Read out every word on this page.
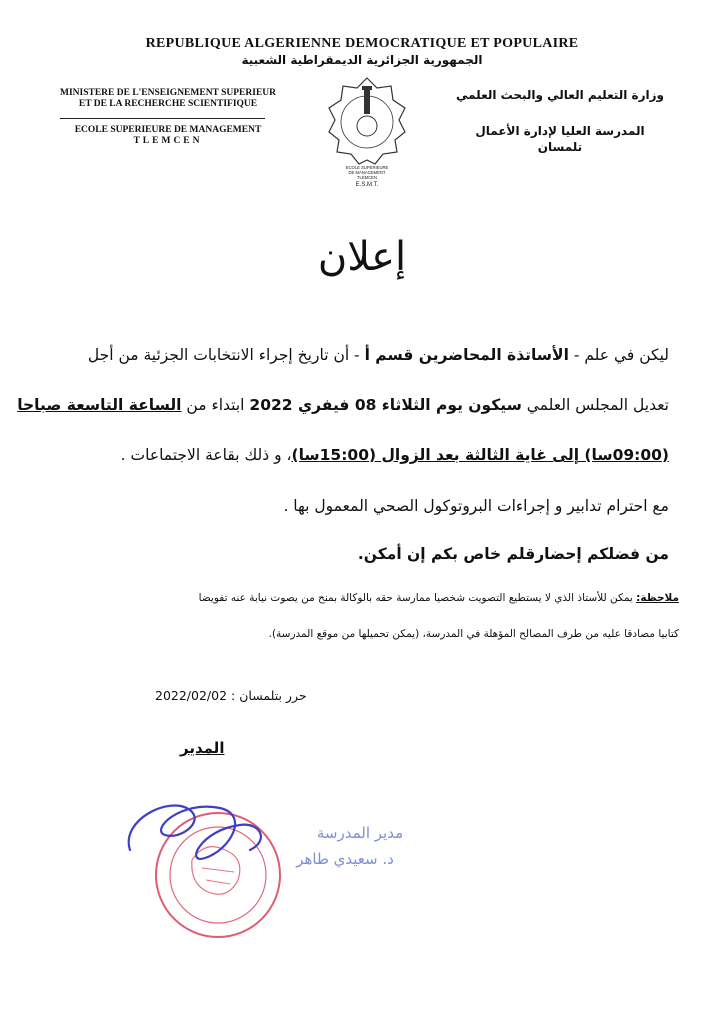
REPUBLIQUE ALGERIENNE DEMOCRATIQUE ET POPULAIRE
الجمهورية الجزائرية الديمقراطية الشعبية
MINISTERE DE L'ENSEIGNEMENT SUPERIEUR
ET DE LA RECHERCHE SCIENTIFIQUE
ECOLE SUPERIEURE DE MANAGEMENT
TLEMCEN
وزارة التعليم العالي والبحث العلمي
المدرسة العليا لإدارة الأعمال
تلمسان
ECOLE SUPERIEURE
DE MANAGEMENT
TLEMCEN
E.S.M.T.
إعلان
ليكن في علم - الأساتذة المحاضرين قسم أ - أن تاريخ إجراء الانتخابات الجزئية من أجل
تعديل المجلس العلمي سيكون يوم الثلاثاء 08 فيفري 2022 ابتداء من الساعة التاسعة صباحا
(09:00سا) إلى غاية الثالثة بعد الزوال (15:00سا)، و ذلك بقاعة الاجتماعات .
مع احترام تدابير و إجراءات البروتوكول الصحي المعمول بها .
من فضلكم إحضارقلم خاص بكم إن أمكن.
ملاحظة: يمكن للأستاذ الذي لا يستطيع التصويت شخصيا ممارسة حقه بالوكالة بمنح من يصوت نيابة عنه تفويضا
كتابيا مصادقا عليه من طرف المصالح المؤهلة في المدرسة، (يمكن تحميلها من موقع المدرسة).
حرر بتلمسان : 2022/02/02
المدير
مدير المدرسة
د. سعيدي طاهر
